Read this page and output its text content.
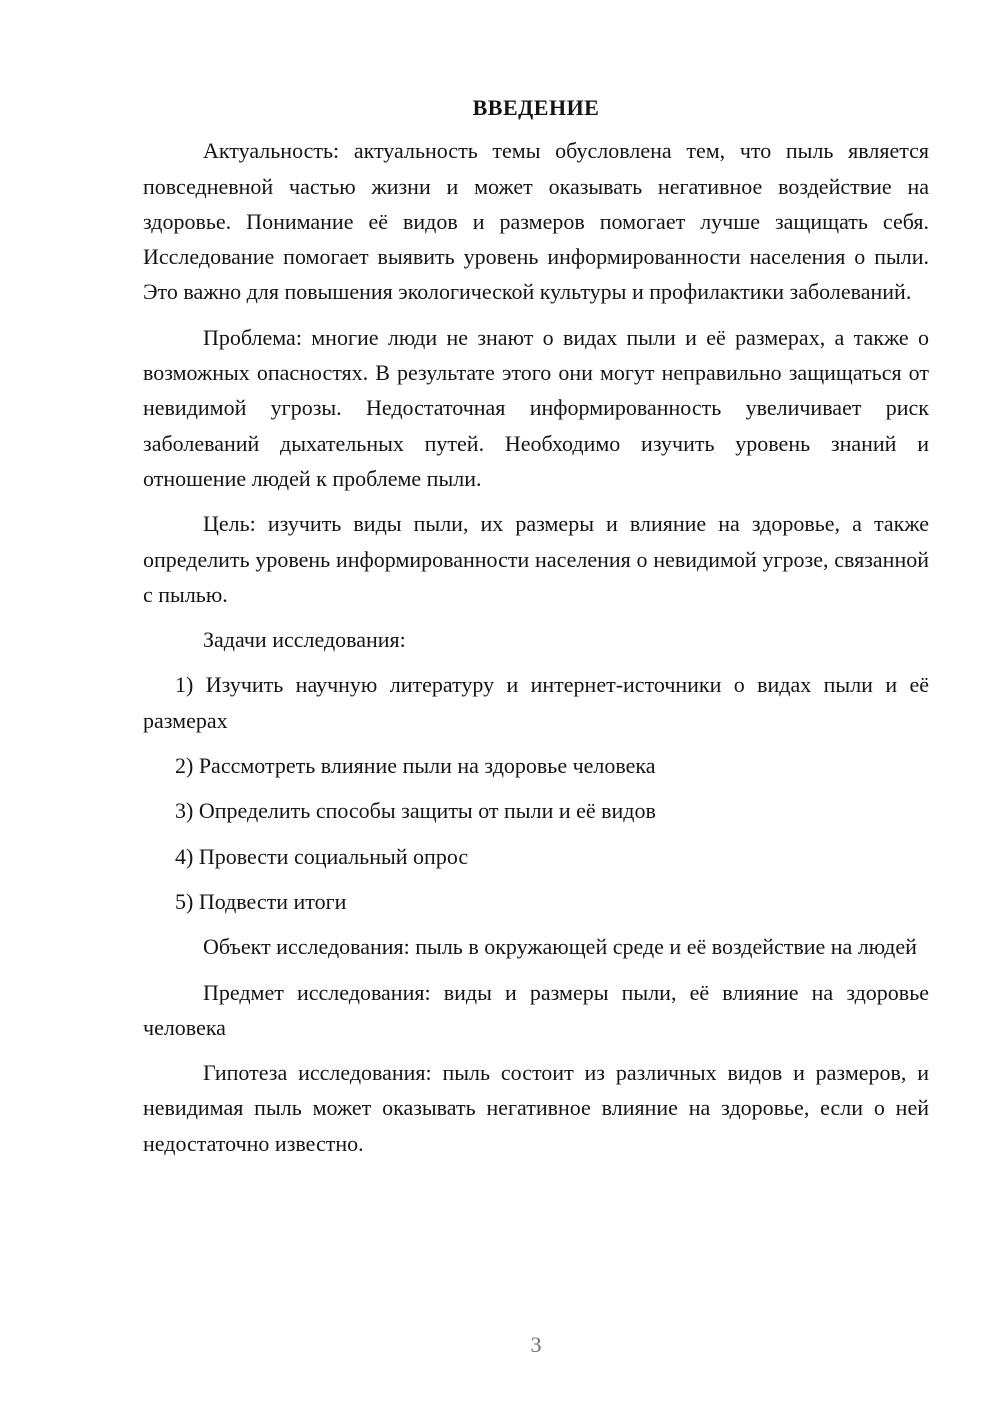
ВВЕДЕНИЕ

Актуальность: актуальность темы обусловлена тем, что пыль является повседневной частью жизни и может оказывать негативное воздействие на здоровье. Понимание её видов и размеров помогает лучше защищать себя. Исследование помогает выявить уровень информированности населения о пыли. Это важно для повышения экологической культуры и профилактики заболеваний.

Проблема: многие люди не знают о видах пыли и её размерах, а также о возможных опасностях. В результате этого они могут неправильно защищаться от невидимой угрозы. Недостаточная информированность увеличивает риск заболеваний дыхательных путей. Необходимо изучить уровень знаний и отношение людей к проблеме пыли.

Цель: изучить виды пыли, их размеры и влияние на здоровье, а также определить уровень информированности населения о невидимой угрозе, связанной с пылью.

Задачи исследования:

1) Изучить научную литературу и интернет-источники о видах пыли и её размерах

2) Рассмотреть влияние пыли на здоровье человека

3) Определить способы защиты от пыли и её видов

4) Провести социальный опрос

5) Подвести итоги

Объект исследования: пыль в окружающей среде и её воздействие на людей

Предмет исследования: виды и размеры пыли, её влияние на здоровье человека

Гипотеза исследования: пыль состоит из различных видов и размеров, и невидимая пыль может оказывать негативное влияние на здоровье, если о ней недостаточно известно.

3
